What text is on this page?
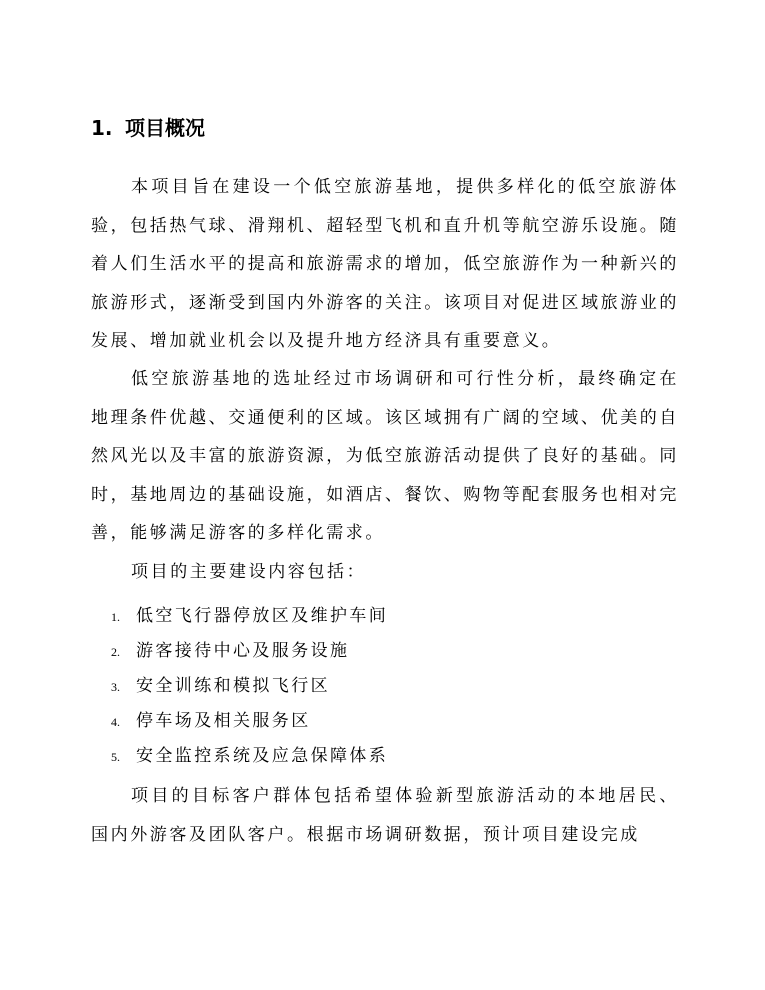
1. 项目概况

本项目旨在建设一个低空旅游基地，提供多样化的低空旅游体验，包括热气球、滑翔机、超轻型飞机和直升机等航空游乐设施。随着人们生活水平的提高和旅游需求的增加，低空旅游作为一种新兴的旅游形式，逐渐受到国内外游客的关注。该项目对促进区域旅游业的发展、增加就业机会以及提升地方经济具有重要意义。

低空旅游基地的选址经过市场调研和可行性分析，最终确定在地理条件优越、交通便利的区域。该区域拥有广阔的空域、优美的自然风光以及丰富的旅游资源，为低空旅游活动提供了良好的基础。同时，基地周边的基础设施，如酒店、餐饮、购物等配套服务也相对完善，能够满足游客的多样化需求。

项目的主要建设内容包括：

1. 低空飞行器停放区及维护车间
2. 游客接待中心及服务设施
3. 安全训练和模拟飞行区
4. 停车场及相关服务区
5. 安全监控系统及应急保障体系

项目的目标客户群体包括希望体验新型旅游活动的本地居民、国内外游客及团队客户。根据市场调研数据，预计项目建设完成
